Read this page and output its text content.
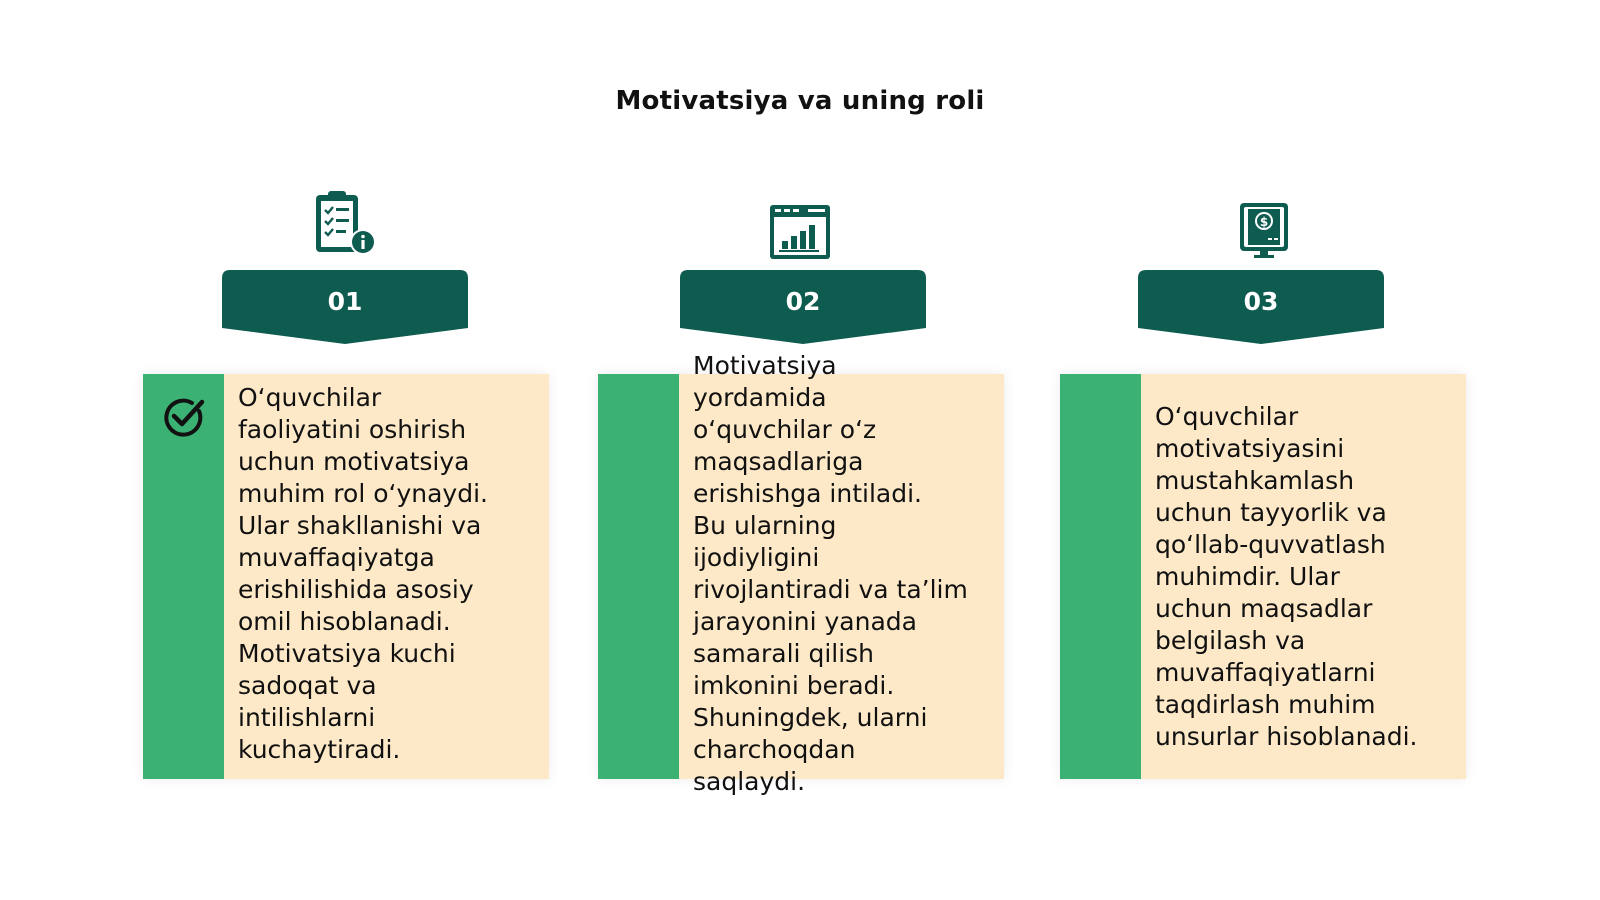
Motivatsiya va uning roli
01
O‘quvchilar
faoliyatini oshirish
uchun motivatsiya
muhim rol o‘ynaydi.
Ular shakllanishi va
muvaffaqiyatga
erishilishida asosiy
omil hisoblanadi.
Motivatsiya kuchi
sadoqat va
intilishlarni
kuchaytiradi.
02
Motivatsiya
yordamida
o‘quvchilar o‘z
maqsadlariga
erishishga intiladi.
Bu ularning
ijodiyligini
rivojlantiradi va ta’lim
jarayonini yanada
samarali qilish
imkonini beradi.
Shuningdek, ularni
charchoqdan
saqlaydi.
$
03
O‘quvchilar
motivatsiyasini
mustahkamlash
uchun tayyorlik va
qo‘llab-quvvatlash
muhimdir. Ular
uchun maqsadlar
belgilash va
muvaffaqiyatlarni
taqdirlash muhim
unsurlar hisoblanadi.
